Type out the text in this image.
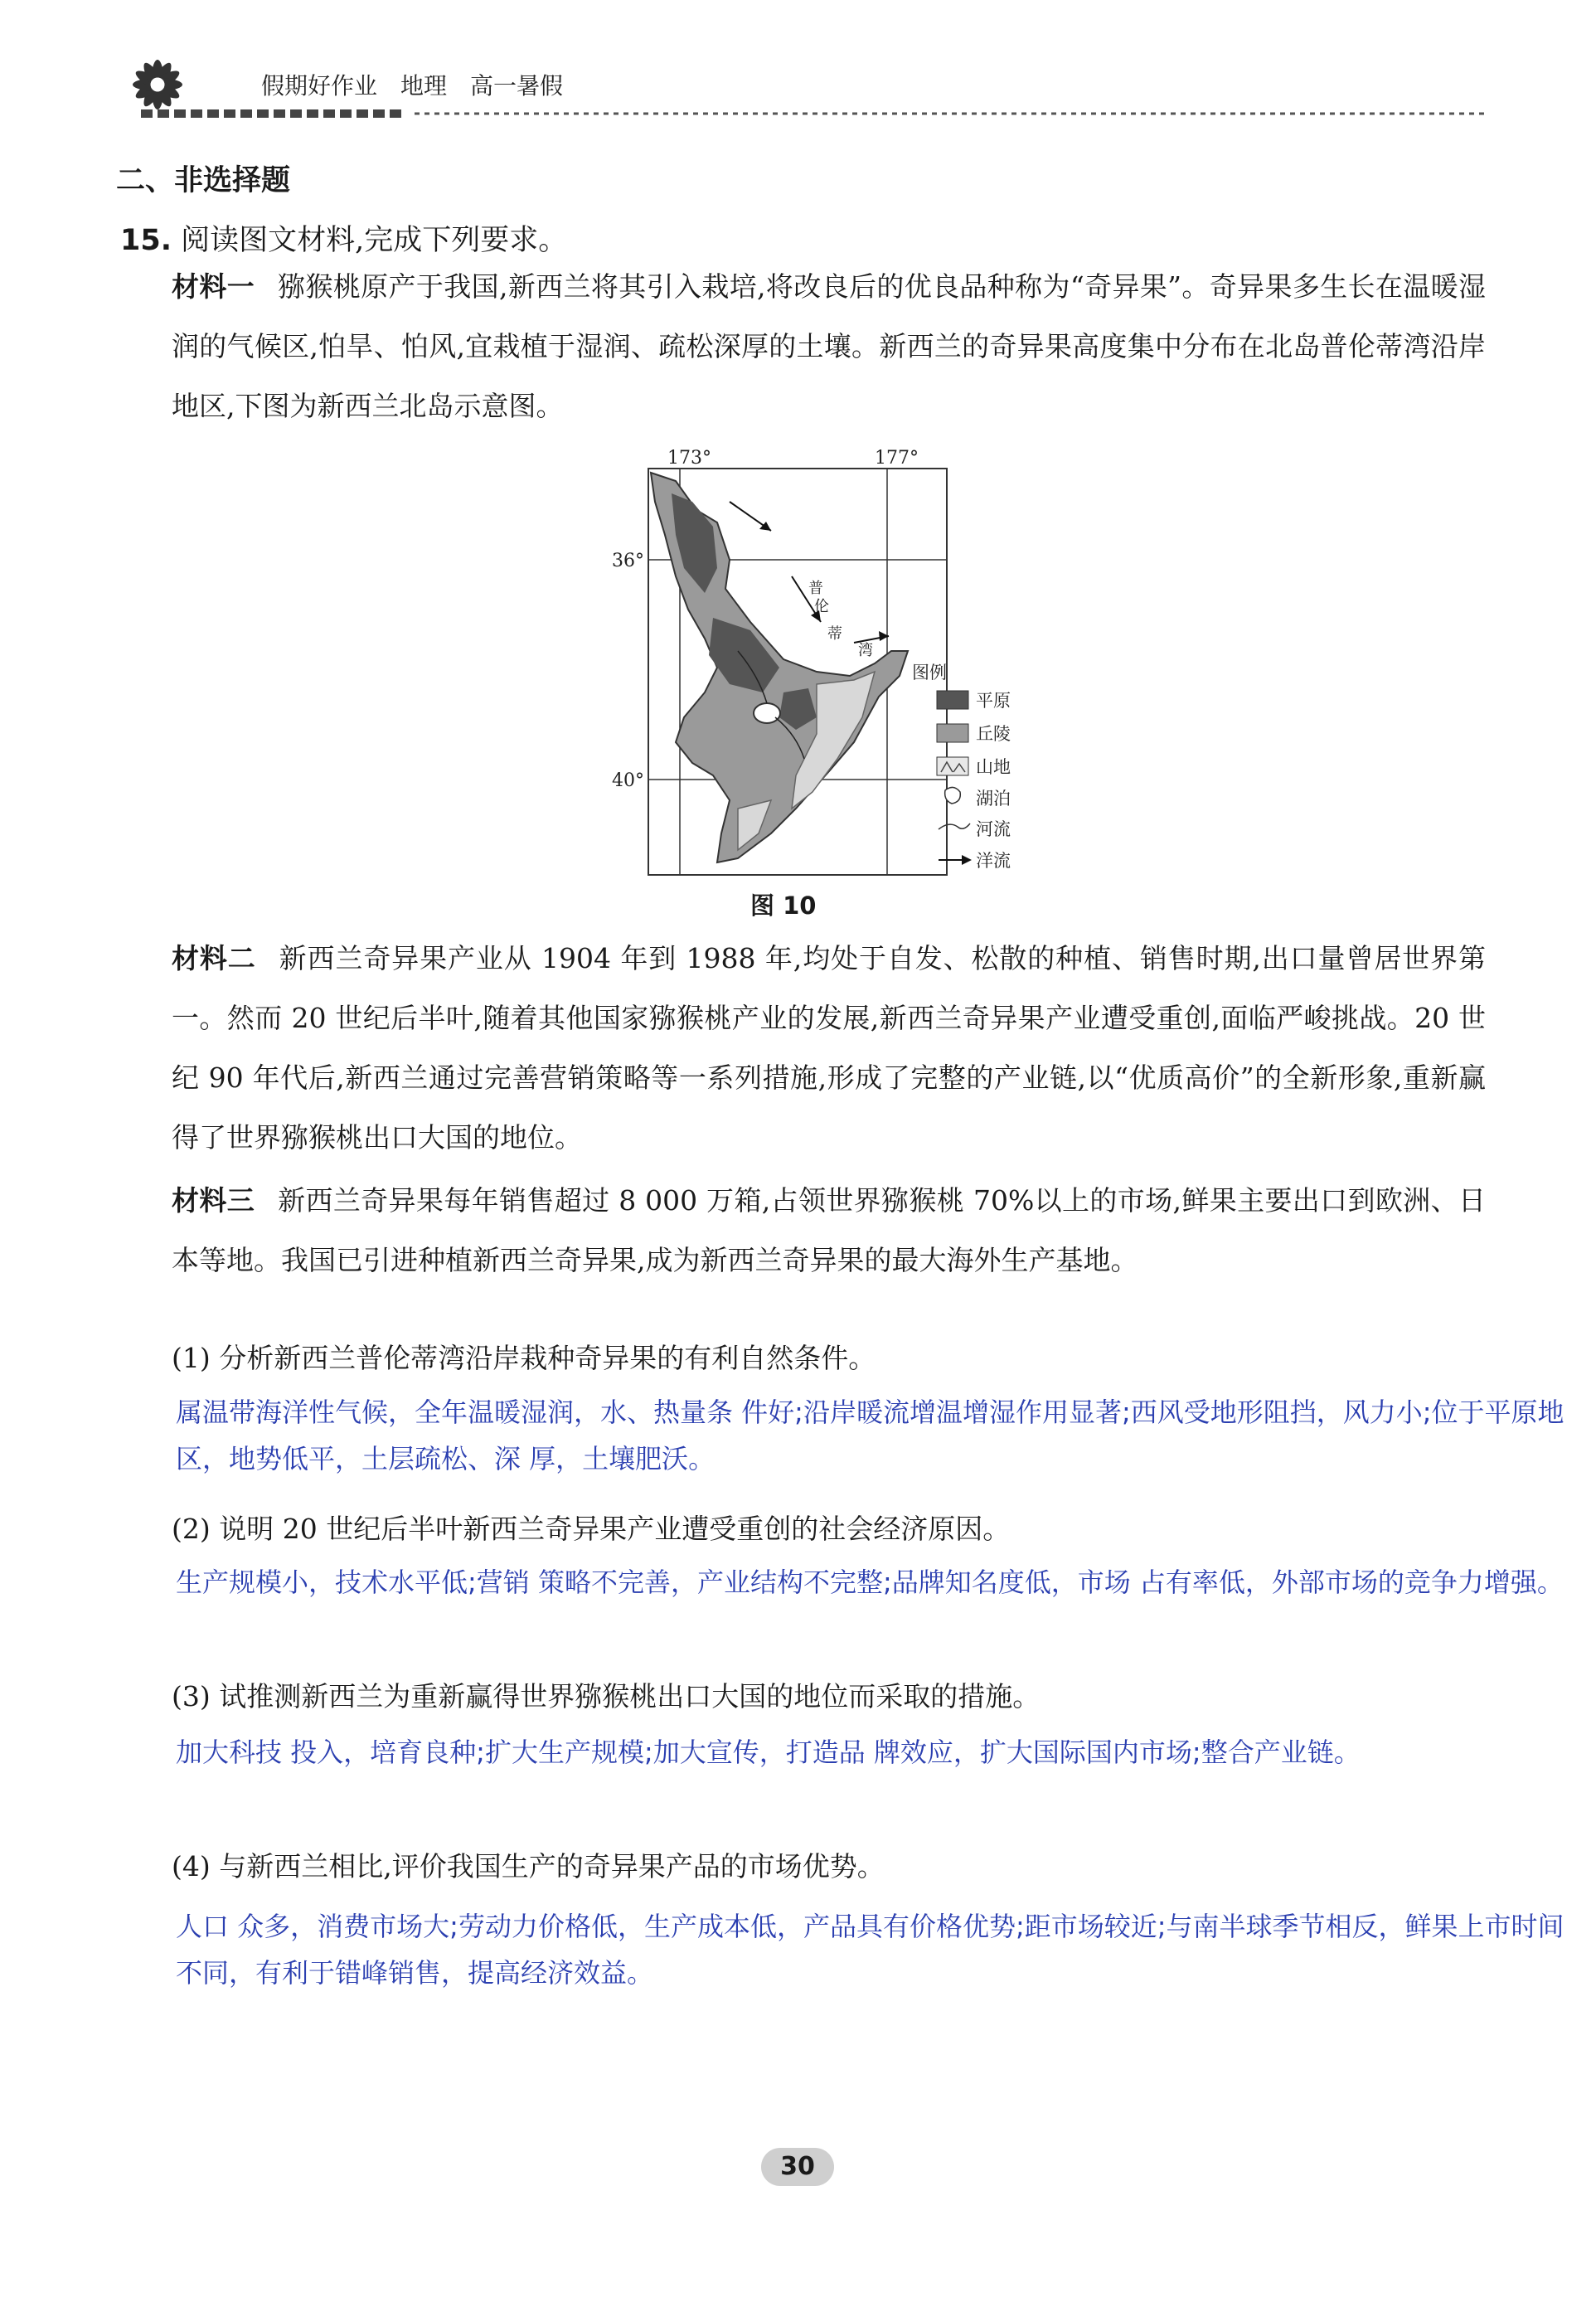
假期好作业　地理　高一暑假
二、非选择题
15. 阅读图文材料,完成下列要求。
材料一 猕猴桃原产于我国,新西兰将其引入栽培,将改良后的优良品种称为“奇异果”。奇异果多生长在温暖湿润的气候区,怕旱、怕风,宜栽植于湿润、疏松深厚的土壤。新西兰的奇异果高度集中分布在北岛普伦蒂湾沿岸地区,下图为新西兰北岛示意图。
173°	177°
36°
40°
普
伦
蒂
湾
图例
平原
丘陵
山地
湖泊
河流
洋流
图 10
材料二 新西兰奇异果产业从 1904 年到 1988 年,均处于自发、松散的种植、销售时期,出口量曾居世界第一。然而 20 世纪后半叶,随着其他国家猕猴桃产业的发展,新西兰奇异果产业遭受重创,面临严峻挑战。20 世纪 90 年代后,新西兰通过完善营销策略等一系列措施,形成了完整的产业链,以“优质高价”的全新形象,重新赢得了世界猕猴桃出口大国的地位。
材料三 新西兰奇异果每年销售超过 8 000 万箱,占领世界猕猴桃 70%以上的市场,鲜果主要出口到欧洲、日本等地。我国已引进种植新西兰奇异果,成为新西兰奇异果的最大海外生产基地。
(1) 分析新西兰普伦蒂湾沿岸栽种奇异果的有利自然条件。
属温带海洋性气候，全年温暖湿润，水、热量条 件好;沿岸暖流增温增湿作用显著;西风受地形阻挡，风力小;位于平原地区，地势低平，土层疏松、深 厚，土壤肥沃。
(2) 说明 20 世纪后半叶新西兰奇异果产业遭受重创的社会经济原因。
生产规模小，技术水平低;营销 策略不完善，产业结构不完整;品牌知名度低，市场 占有率低，外部市场的竞争力增强。
(3) 试推测新西兰为重新赢得世界猕猴桃出口大国的地位而采取的措施。
加大科技 投入，培育良种;扩大生产规模;加大宣传，打造品 牌效应，扩大国际国内市场;整合产业链。
(4) 与新西兰相比,评价我国生产的奇异果产品的市场优势。
人口 众多，消费市场大;劳动力价格低，生产成本低，产品具有价格优势;距市场较近;与南半球季节相反，鲜果上市时间不同，有利于错峰销售，提高经济效益。
30
